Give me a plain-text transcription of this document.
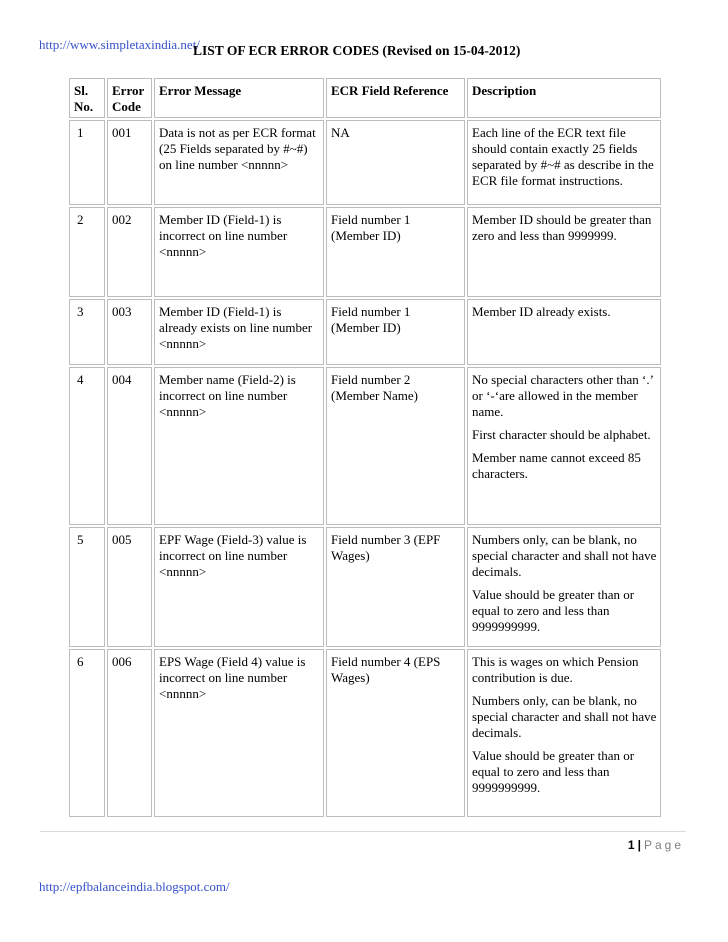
http://www.simpletaxindia.net/
LIST OF ECR ERROR CODES (Revised on 15-04-2012)
Sl. No.	Error Code	Error Message	ECR Field Reference	Description
1	001	Data is not as per ECR format (25 Fields separated by #~#) on line number <nnnnn>	NA	Each line of the ECR text file should contain exactly 25 fields separated by #~# as describe in the ECR file format instructions.

2	002	Member ID (Field-1) is incorrect on line number <nnnnn>	Field number 1 (Member ID)	Member ID should be greater than zero and less than 9999999.

3	003	Member ID (Field-1) is already exists on line number <nnnnn>	Field number 1 (Member ID)	Member ID already exists.

4	004	Member name (Field-2) is incorrect on line number <nnnnn>	Field number 2 (Member Name)	No special characters other than ‘.’ or ‘-‘are allowed in the member name.

First character should be alphabet.

Member name cannot exceed 85 characters.

5	005	EPF Wage (Field-3) value is incorrect on line number <nnnnn>	Field number 3 (EPF Wages)	Numbers only, can be blank, no special character and shall not have decimals.

Value should be greater than or equal to zero and less than 9999999999.

6	006	EPS Wage (Field 4) value is incorrect on line number <nnnnn>	Field number 4 (EPS Wages)	This is wages on which Pension contribution is due.

Numbers only, can be blank, no special character and shall not have decimals.

Value should be greater than or equal to zero and less than 9999999999.

1 | Page
http://epfbalanceindia.blogspot.com/
